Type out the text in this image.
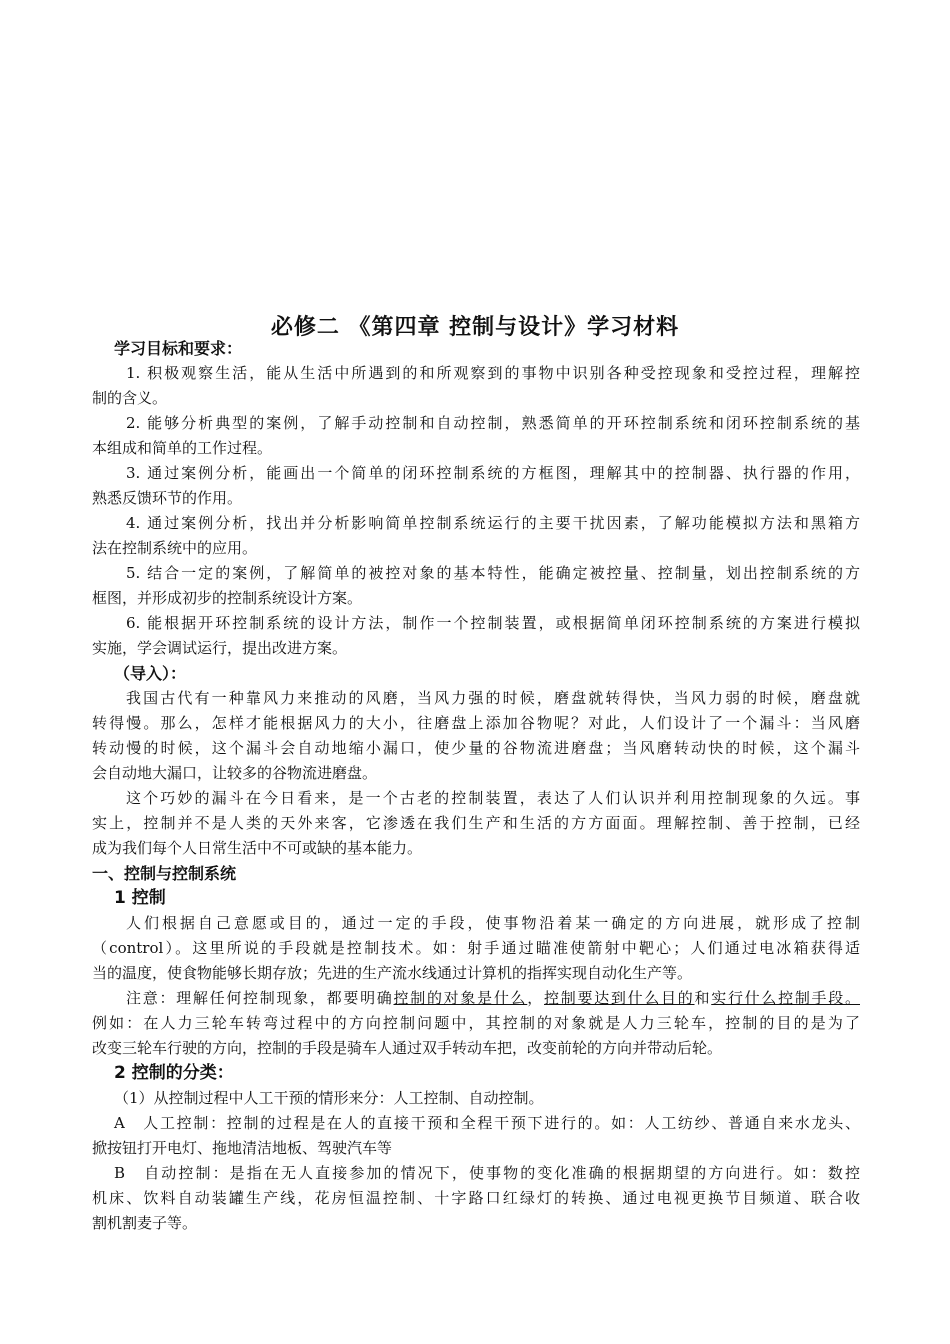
必修二 《第四章 控制与设计》学习材料
学习目标和要求：
1. 积极观察生活，能从生活中所遇到的和所观察到的事物中识别各种受控现象和受控过程，理解控
制的含义。
2. 能够分析典型的案例，了解手动控制和自动控制，熟悉简单的开环控制系统和闭环控制系统的基
本组成和简单的工作过程。
3. 通过案例分析，能画出一个简单的闭环控制系统的方框图，理解其中的控制器、执行器的作用，
熟悉反馈环节的作用。
4. 通过案例分析，找出并分析影响简单控制系统运行的主要干扰因素，了解功能模拟方法和黑箱方
法在控制系统中的应用。
5. 结合一定的案例，了解简单的被控对象的基本特性，能确定被控量、控制量，划出控制系统的方
框图，并形成初步的控制系统设计方案。
6. 能根据开环控制系统的设计方法，制作一个控制装置，或根据简单闭环控制系统的方案进行模拟
实施，学会调试运行，提出改进方案。
（导入）：
我国古代有一种靠风力来推动的风磨，当风力强的时候，磨盘就转得快，当风力弱的时候，磨盘就
转得慢。那么，怎样才能根据风力的大小，往磨盘上添加谷物呢？对此，人们设计了一个漏斗：当风磨
转动慢的时候，这个漏斗会自动地缩小漏口，使少量的谷物流进磨盘；当风磨转动快的时候，这个漏斗
会自动地大漏口，让较多的谷物流进磨盘。
这个巧妙的漏斗在今日看来，是一个古老的控制装置，表达了人们认识并利用控制现象的久远。事
实上，控制并不是人类的天外来客，它渗透在我们生产和生活的方方面面。理解控制、善于控制，已经
成为我们每个人日常生活中不可或缺的基本能力。
一、控制与控制系统
1 控制
人们根据自己意愿或目的，通过一定的手段，使事物沿着某一确定的方向进展，就形成了控制
（control）。这里所说的手段就是控制技术。如：射手通过瞄准使箭射中靶心；人们通过电冰箱获得适
当的温度，使食物能够长期存放；先进的生产流水线通过计算机的指挥实现自动化生产等。
注意：理解任何控制现象，都要明确控制的对象是什么，控制要达到什么目的和实行什么控制手段。
例如：在人力三轮车转弯过程中的方向控制问题中，其控制的对象就是人力三轮车，控制的目的是为了
改变三轮车行驶的方向，控制的手段是骑车人通过双手转动车把，改变前轮的方向并带动后轮。
2 控制的分类：
（1）从控制过程中人工干预的情形来分：人工控制、自动控制。
A　人工控制：控制的过程是在人的直接干预和全程干预下进行的。如：人工纺纱、普通自来水龙头、
掀按钮打开电灯、拖地清洁地板、驾驶汽车等
B　自动控制：是指在无人直接参加的情况下，使事物的变化准确的根据期望的方向进行。如：数控
机床、饮料自动装罐生产线，花房恒温控制、十字路口红绿灯的转换、通过电视更换节目频道、联合收
割机割麦子等。
